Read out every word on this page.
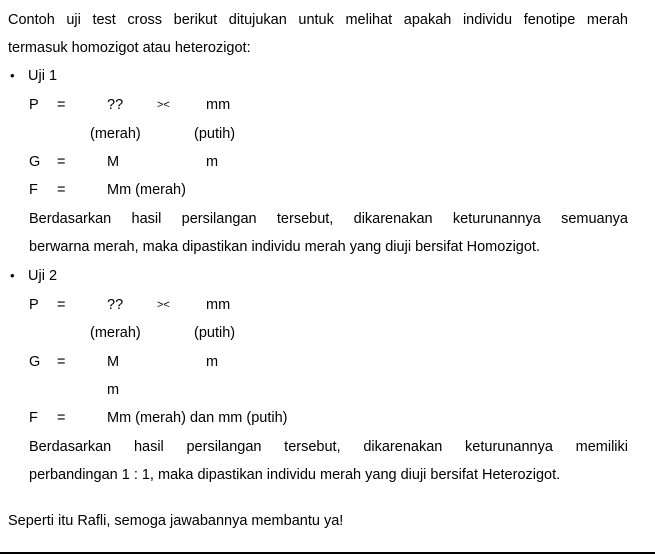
Contoh uji test cross berikut ditujukan untuk melihat apakah individu fenotipe merah
termasuk homozigot atau heterozigot:
• Uji 1
P =	??	>< mm
(merah)	(putih)
G =	M	m
F =	Mm (merah)
Berdasarkan hasil persilangan tersebut, dikarenakan keturunannya semuanya
berwarna merah, maka dipastikan individu merah yang diuji bersifat Homozigot.
• Uji 2
P =	??	>< mm
(merah)	(putih)
G =	M	m
m
F =	Mm (merah) dan mm (putih)
Berdasarkan hasil persilangan tersebut, dikarenakan keturunannya memiliki
perbandingan 1 : 1, maka dipastikan individu merah yang diuji bersifat Heterozigot.
Seperti itu Rafli, semoga jawabannya membantu ya!
